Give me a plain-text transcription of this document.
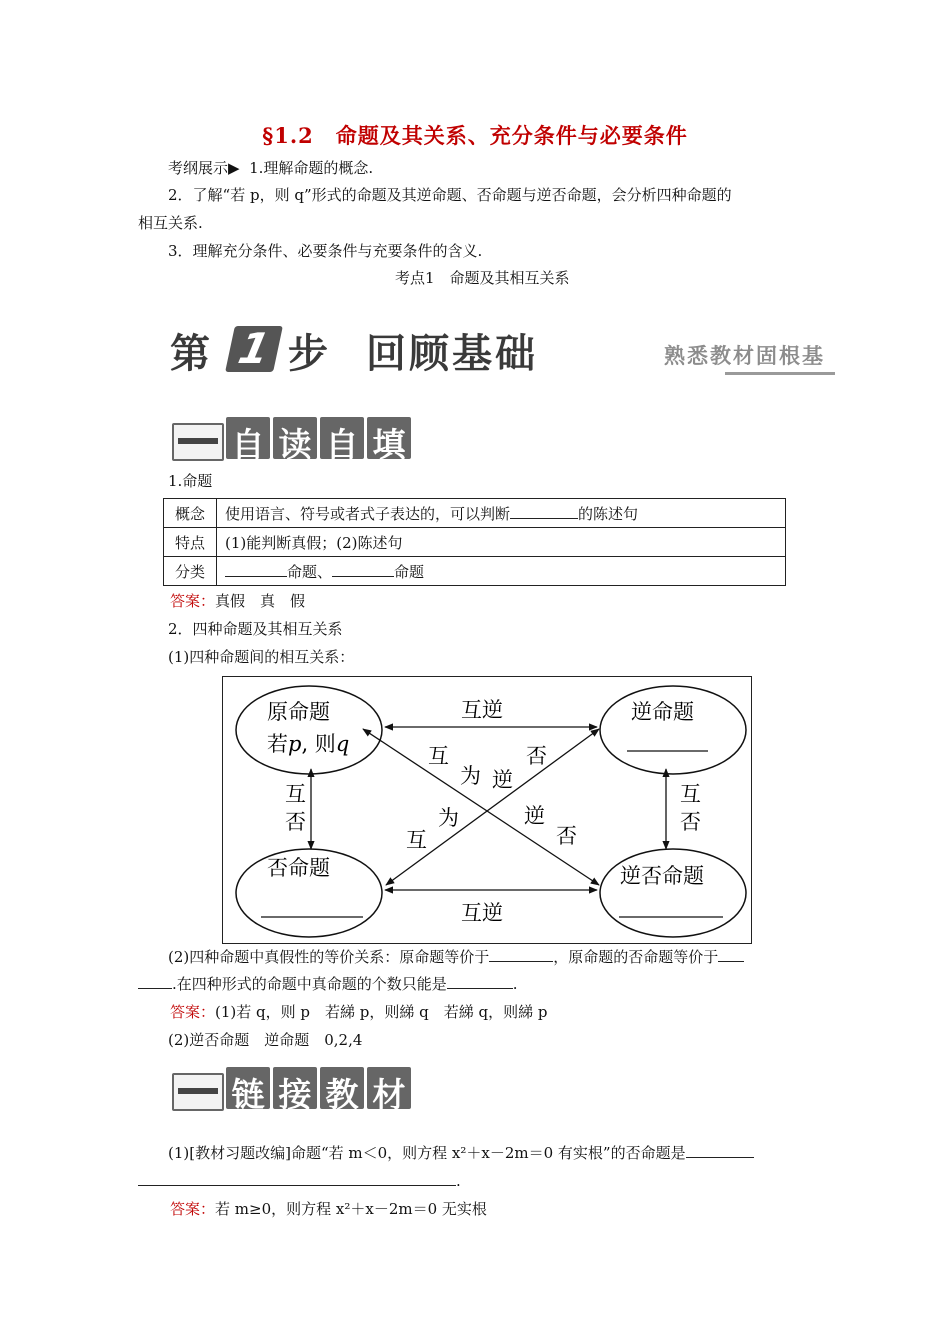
§1.2　命题及其关系、充分条件与必要条件
考纲展示▶ 1.理解命题的概念.
2．了解“若 p，则 q”形式的命题及其逆命题、否命题与逆否命题，会分析四种命题的
相互关系.
3．理解充分条件、必要条件与充要条件的含义.
考点1　命题及其相互关系
第 1 步 回顾基础	熟悉教材固根基
自 读 自 填
1.命题
概念	使用语言、符号或者式子表达的，可以判断 的陈述句
特点	(1)能判断真假；(2)陈述句
分类	命题、 命题
答案：真假　真　假
2．四种命题及其相互关系
(1)四种命题间的相互关系：
原命题
若p, 则q
逆命题
否命题	逆否命题
互逆
互逆
互
否
互
否
互
为 逆
否
逆
否
为
互
(2)四种命题中真假性的等价关系：原命题等价于	，原命题的否命题等价于
.在四种形式的命题中真命题的个数只能是	.
答案：(1)若 q，则 p　若綈 p，则綈 q　若綈 q，则綈 p
(2)逆否命题　逆命题　0,2,4
链 接 教 材
(1)[教材习题改编]命题“若 m＜0，则方程 x²＋x－2m＝0 有实根”的否命题是
.
答案：若 m≥0，则方程 x²＋x－2m＝0 无实根
